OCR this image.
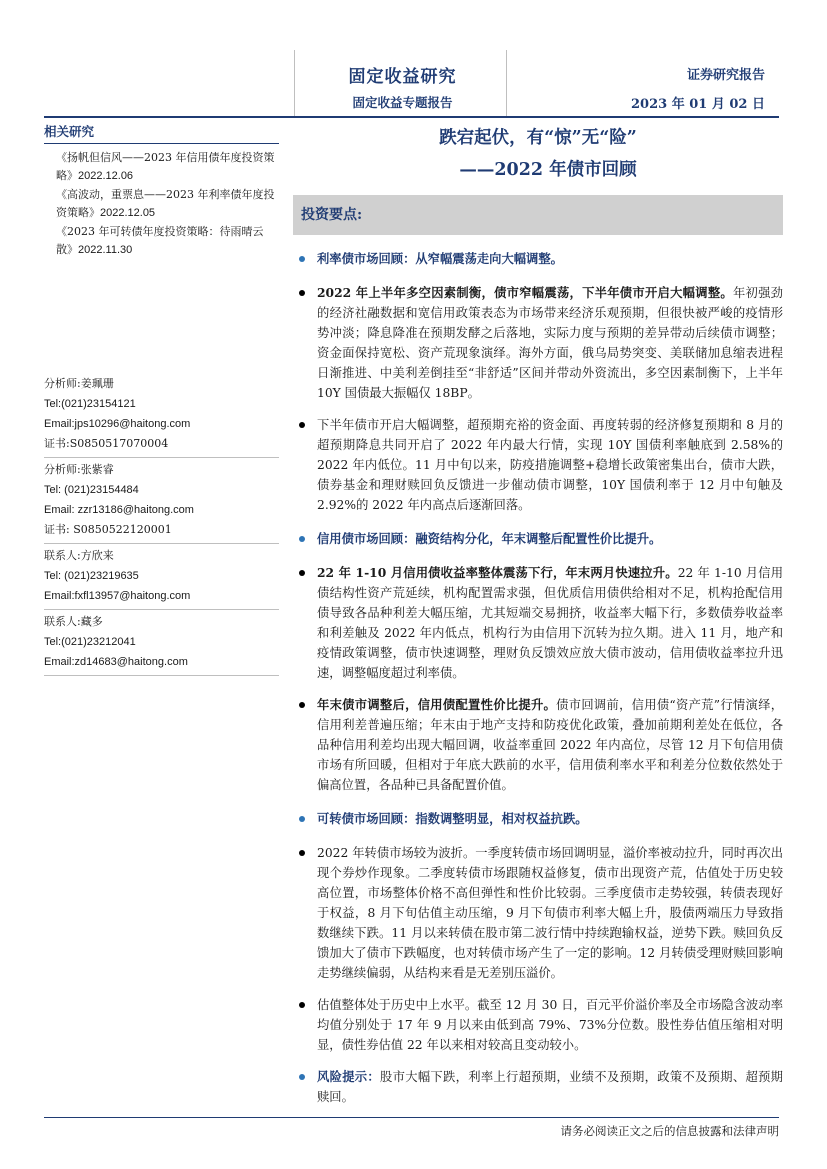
固定收益研究
固定收益专题报告
证券研究报告
2023 年 01 月 02 日
相关研究
《扬帆但信风——2023 年信用债年度投资策略》2022.12.06
《高波动，重票息——2023 年利率债年度投资策略》2022.12.05
《2023 年可转债年度投资策略：待雨晴云散》2022.11.30
分析师:姜珮珊
Tel:(021)23154121
Email:jps10296@haitong.com
证书:S0850517070004
分析师:张紫睿
Tel: (021)23154484
Email: zzr13186@haitong.com
证书: S0850522120001
联系人:方欣来
Tel: (021)23219635
Email:fxfl13957@haitong.com
联系人:藏多
Tel:(021)23212041
Email:zd14683@haitong.com
跌宕起伏，有“惊”无“险”
——2022 年债市回顾
投资要点:
利率债市场回顾：从窄幅震荡走向大幅调整。
2022 年上半年多空因素制衡，债市窄幅震荡，下半年债市开启大幅调整。年初强劲的经济社融数据和宽信用政策表态为市场带来经济乐观预期，但很快被严峻的疫情形势冲淡；降息降准在预期发酵之后落地，实际力度与预期的差异带动后续债市调整；资金面保持宽松、资产荒现象演绎。海外方面，俄乌局势突变、美联储加息缩表进程日渐推进、中美利差倒挂至“非舒适”区间并带动外资流出，多空因素制衡下，上半年 10Y 国债最大振幅仅 18BP。
下半年债市开启大幅调整，超预期充裕的资金面、再度转弱的经济修复预期和 8 月的超预期降息共同开启了 2022 年内最大行情，实现 10Y 国债利率触底到 2.58%的 2022 年内低位。11 月中旬以来，防疫措施调整+稳增长政策密集出台，债市大跌，债券基金和理财赎回负反馈进一步催动债市调整，10Y 国债利率于 12 月中旬触及 2.92%的 2022 年内高点后逐渐回落。
信用债市场回顾：融资结构分化，年末调整后配置性价比提升。
22 年 1-10 月信用债收益率整体震荡下行，年末两月快速拉升。22 年 1-10 月信用债结构性资产荒延续，机构配置需求强，但优质信用债供给相对不足，机构抢配信用债导致各品种利差大幅压缩，尤其短端交易拥挤，收益率大幅下行，多数债券收益率和利差触及 2022 年内低点，机构行为由信用下沉转为拉久期。进入 11 月，地产和疫情政策调整，债市快速调整，理财负反馈效应放大债市波动，信用债收益率拉升迅速，调整幅度超过利率债。
年末债市调整后，信用债配置性价比提升。债市回调前，信用债“资产荒”行情演绎，信用利差普遍压缩；年末由于地产支持和防疫优化政策，叠加前期利差处在低位，各品种信用利差均出现大幅回调，收益率重回 2022 年内高位，尽管 12 月下旬信用债市场有所回暖，但相对于年底大跌前的水平，信用债利率水平和利差分位数依然处于偏高位置，各品种已具备配置价值。
可转债市场回顾：指数调整明显，相对权益抗跌。
2022 年转债市场较为波折。一季度转债市场回调明显，溢价率被动拉升，同时再次出现个券炒作现象。二季度转债市场跟随权益修复，债市出现资产荒，估值处于历史较高位置，市场整体价格不高但弹性和性价比较弱。三季度债市走势较强，转债表现好于权益，8 月下旬估值主动压缩，9 月下旬债市利率大幅上升，股债两端压力导致指数继续下跌。11 月以来转债在股市第二波行情中持续跑输权益，逆势下跌。赎回负反馈加大了债市下跌幅度，也对转债市场产生了一定的影响。12 月转债受理财赎回影响走势继续偏弱，从结构来看是无差别压溢价。
估值整体处于历史中上水平。截至 12 月 30 日，百元平价溢价率及全市场隐含波动率均值分别处于 17 年 9 月以来由低到高 79%、73%分位数。股性券估值压缩相对明显，债性券估值 22 年以来相对较高且变动较小。
风险提示：股市大幅下跌，利率上行超预期，业绩不及预期，政策不及预期、超预期赎回。
请务必阅读正文之后的信息披露和法律声明
